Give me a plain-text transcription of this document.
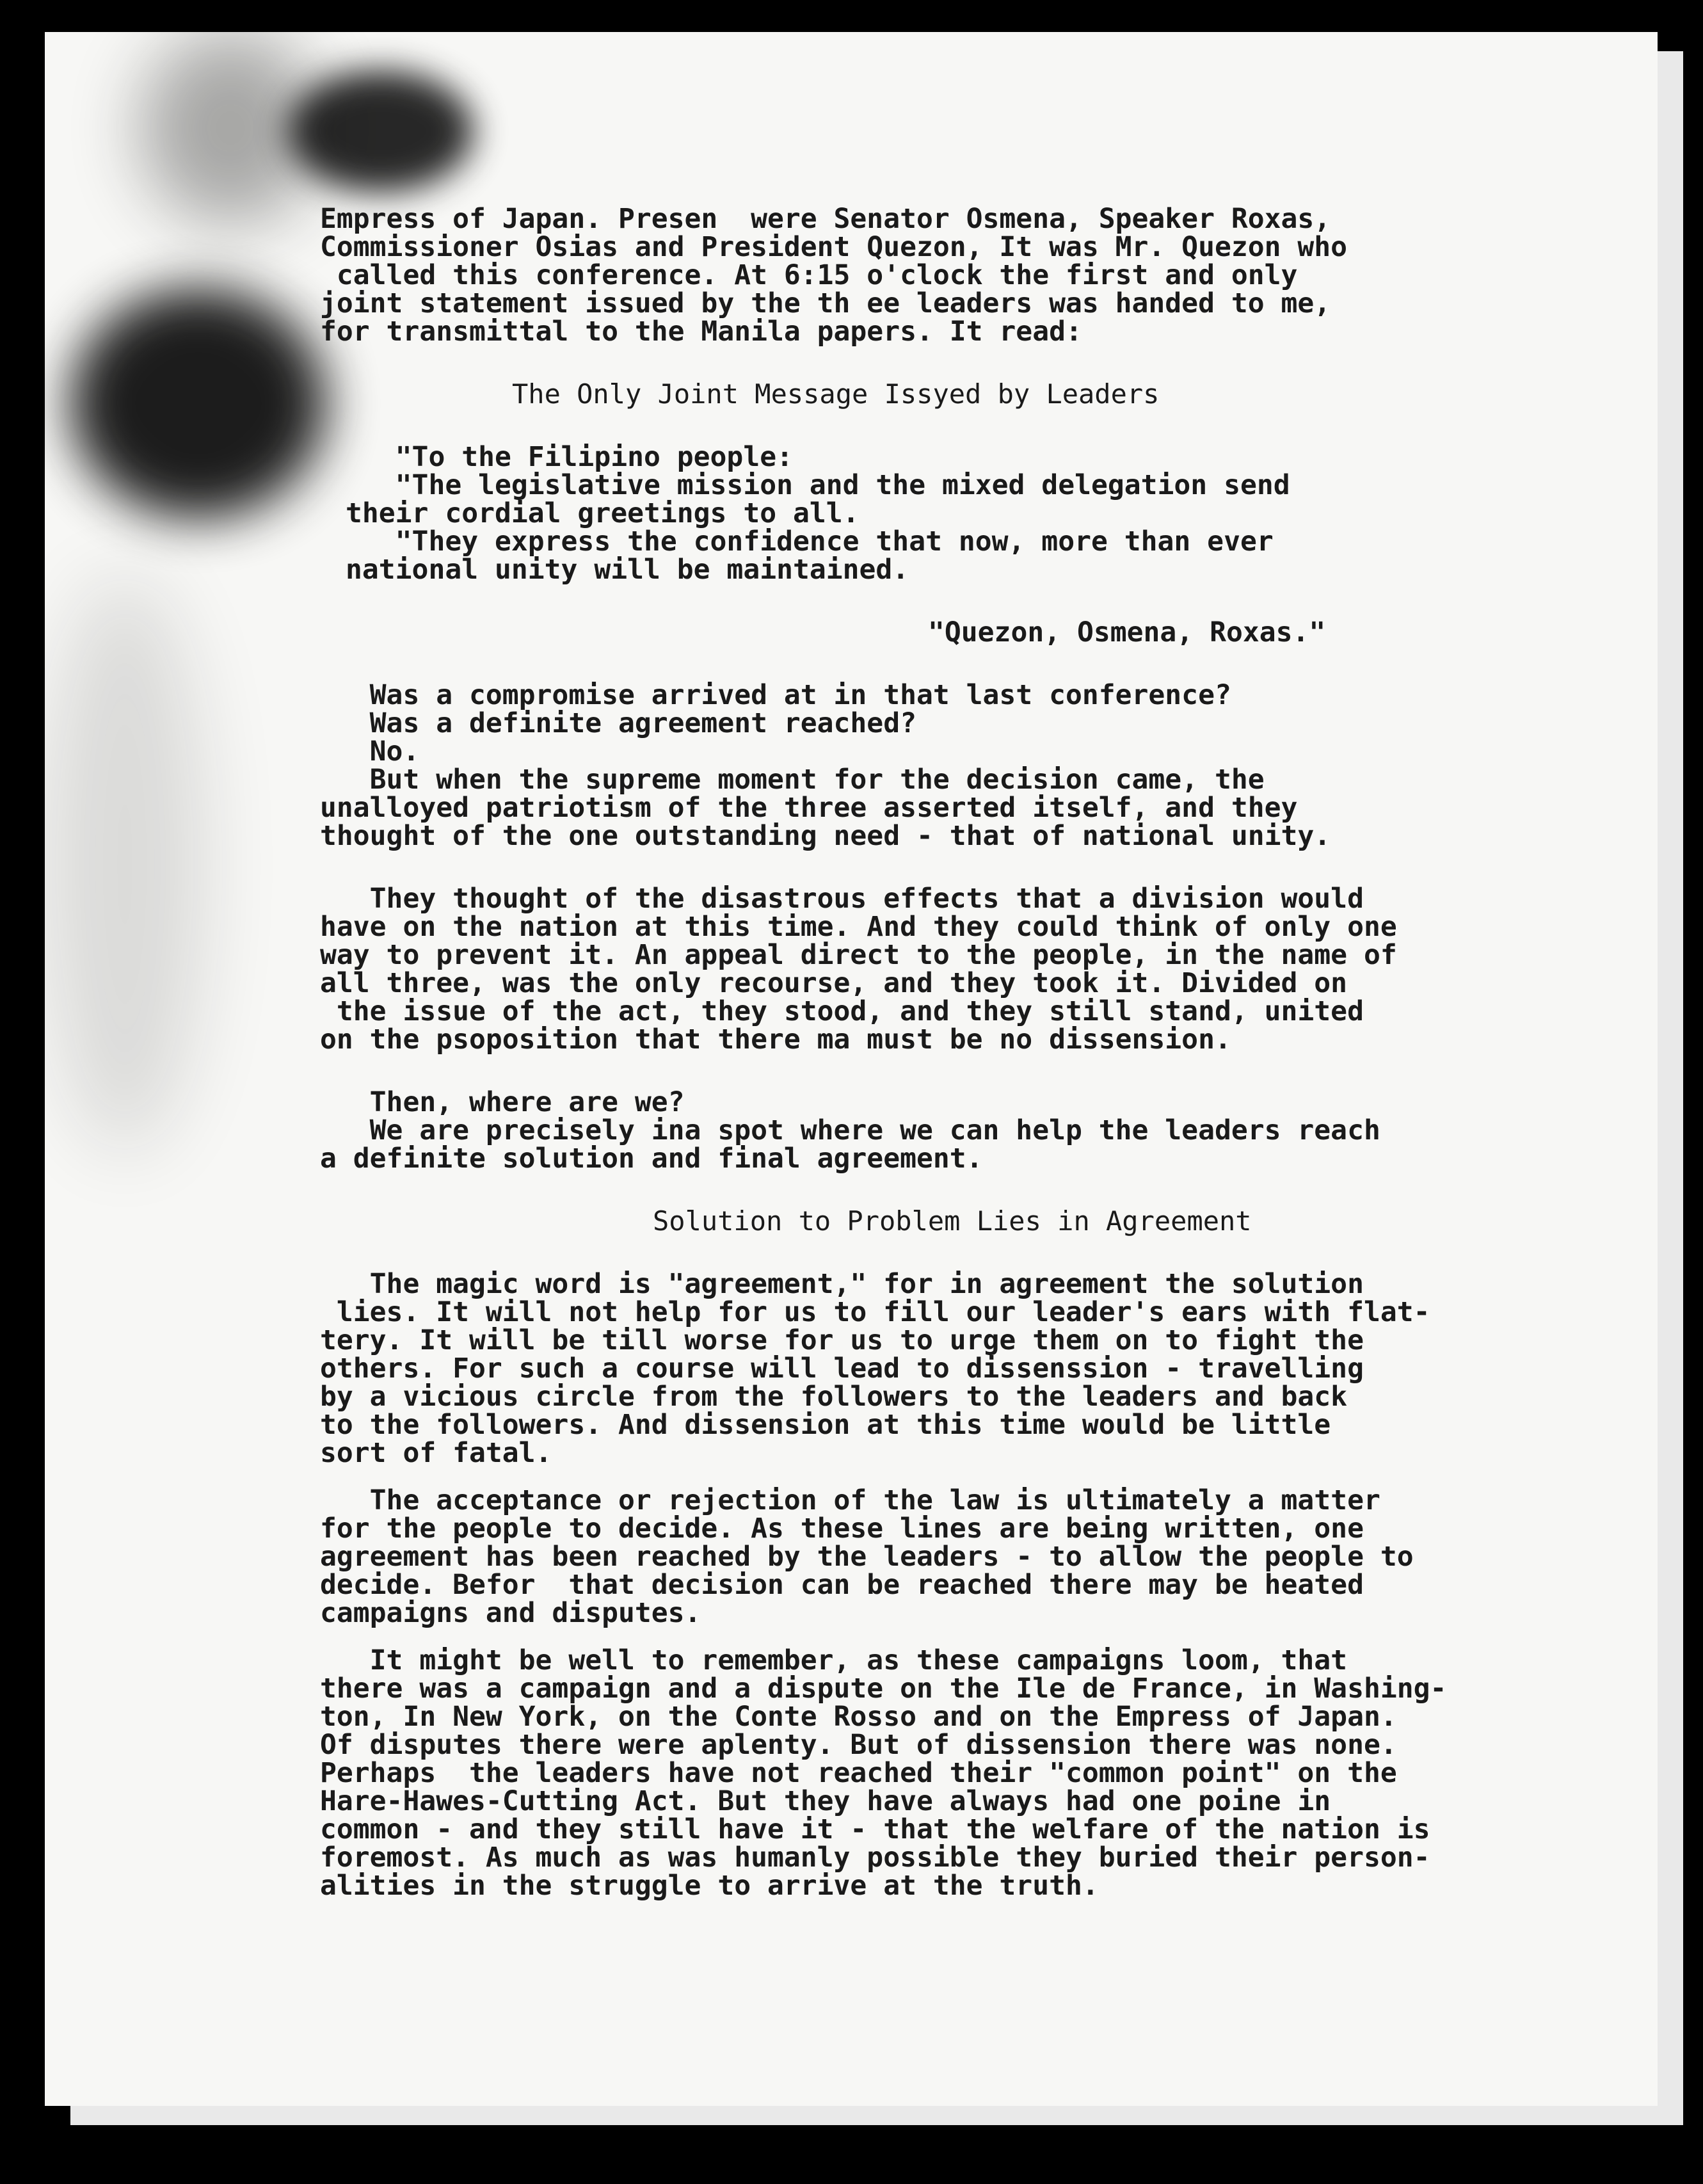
Empress of Japan. Presen  were Senator Osmena, Speaker Roxas,
Commissioner Osias and President Quezon, It was Mr. Quezon who
called this conference. At 6:15 o'clock the first and only
joint statement issued by the th ee leaders was handed to me,
for transmittal to the Manila papers. It read:
The Only Joint Message Issyed by Leaders
"To the Filipino people:
"The legislative mission and the mixed delegation send
their cordial greetings to all.
"They express the confidence that now, more than ever
national unity will be maintained.
"Quezon, Osmena, Roxas."
Was a compromise arrived at in that last conference?
Was a definite agreement reached?
No.
But when the supreme moment for the decision came, the
unalloyed patriotism of the three asserted itself, and they
thought of the one outstanding need - that of national unity.
They thought of the disastrous effects that a division would
have on the nation at this time. And they could think of only one
way to prevent it. An appeal direct to the people, in the name of
all three, was the only recourse, and they took it. Divided on
the issue of the act, they stood, and they still stand, united
on the psoposition that there ma must be no dissension.
Then, where are we?
We are precisely ina spot where we can help the leaders reach
a definite solution and final agreement.
Solution to Problem Lies in Agreement
The magic word is "agreement," for in agreement the solution
lies. It will not help for us to fill our leader's ears with flat-
tery. It will be till worse for us to urge them on to fight the
others. For such a course will lead to dissenssion - travelling
by a vicious circle from the followers to the leaders and back
to the followers. And dissension at this time would be little
sort of fatal.
The acceptance or rejection of the law is ultimately a matter
for the people to decide. As these lines are being written, one
agreement has been reached by the leaders - to allow the people to
decide. Befor  that decision can be reached there may be heated
campaigns and disputes.
It might be well to remember, as these campaigns loom, that
there was a campaign and a dispute on the Ile de France, in Washing-
ton, In New York, on the Conte Rosso and on the Empress of Japan.
Of disputes there were aplenty. But of dissension there was none.
Perhaps  the leaders have not reached their "common point" on the
Hare-Hawes-Cutting Act. But they have always had one poine in
common - and they still have it - that the welfare of the nation is
foremost. As much as was humanly possible they buried their person-
alities in the struggle to arrive at the truth.
